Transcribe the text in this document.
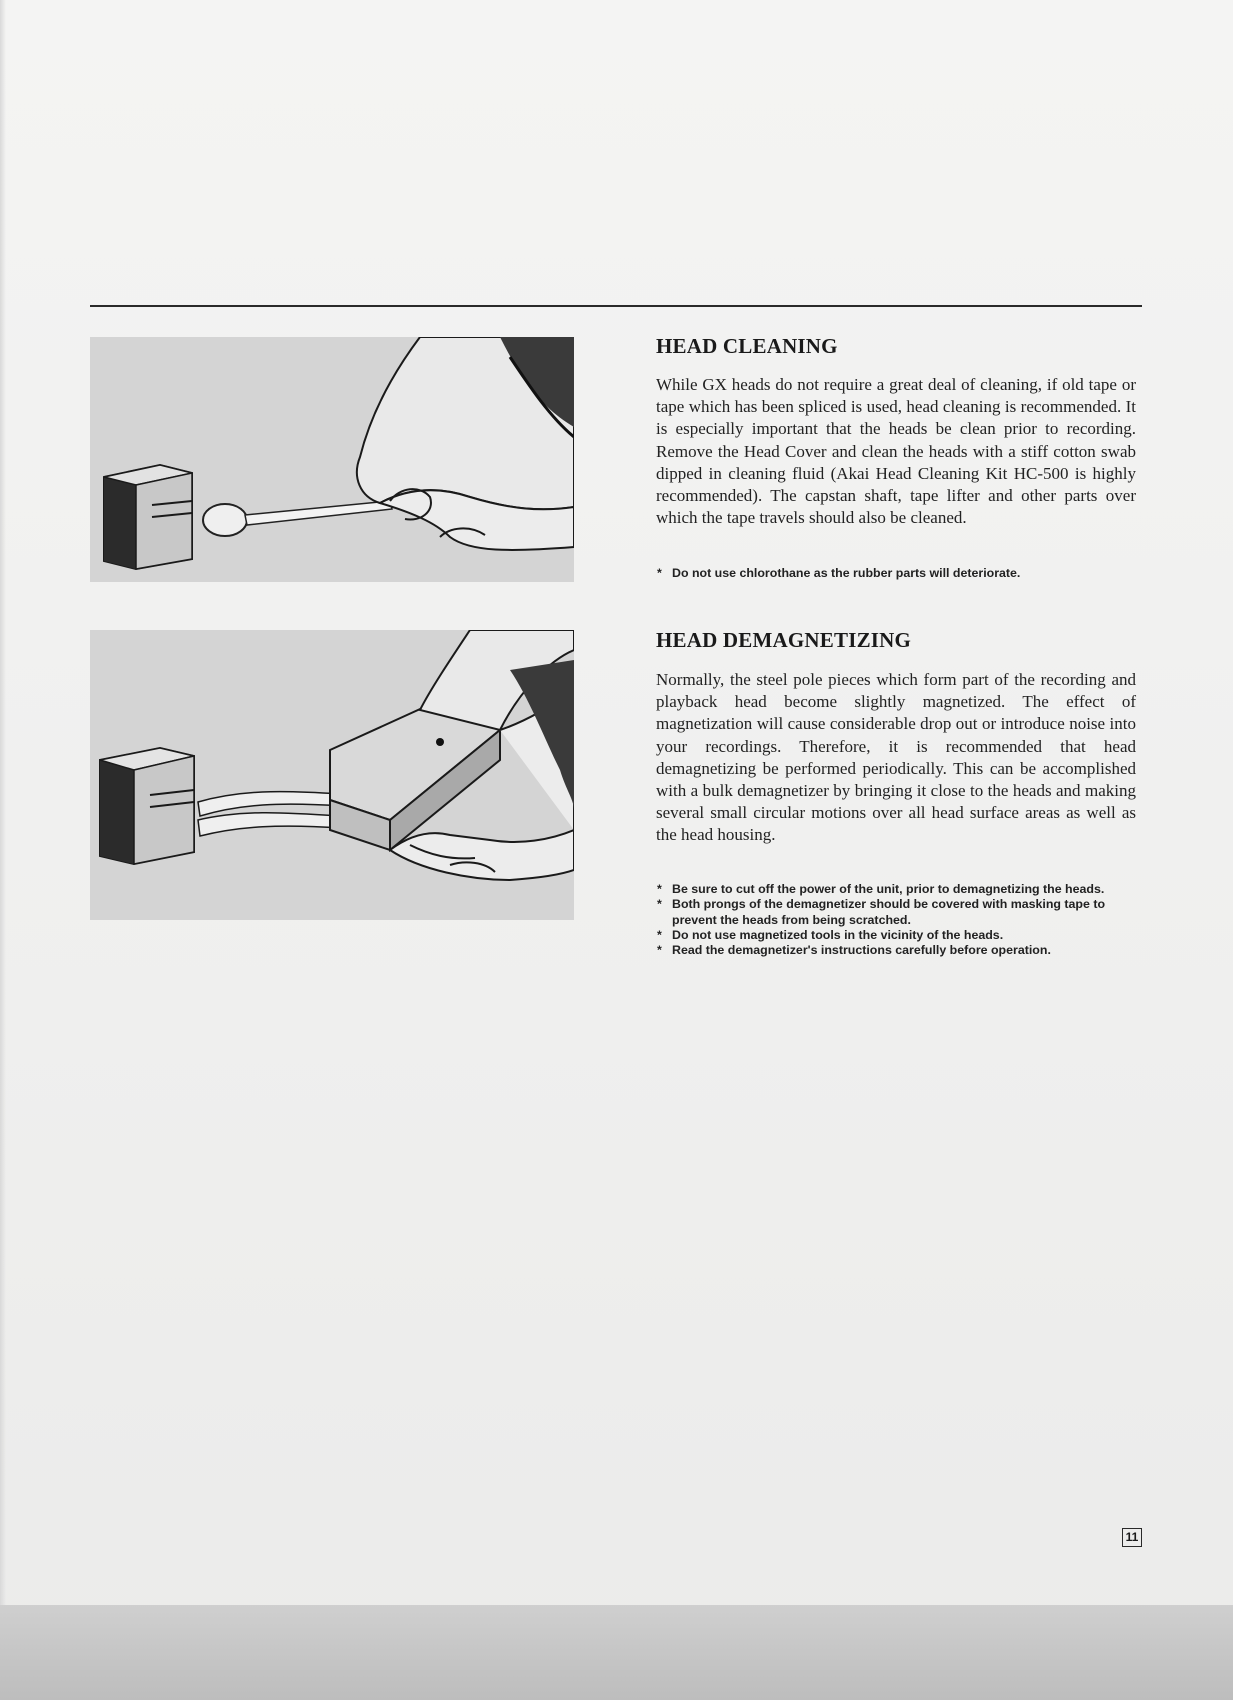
HEAD CLEANING

While GX heads do not require a great deal of cleaning, if old tape or tape which has been spliced is used, head cleaning is recommended. It is especially important that the heads be clean prior to recording. Remove the Head Cover and clean the heads with a stiff cotton swab dipped in cleaning fluid (Akai Head Cleaning Kit HC-500 is highly recommended). The capstan shaft, tape lifter and other parts over which the tape travels should also be cleaned.

* Do not use chlorothane as the rubber parts will deteriorate.
HEAD DEMAGNETIZING

Normally, the steel pole pieces which form part of the recording and playback head become slightly magnetized. The effect of magnetization will cause considerable drop out or introduce noise into your recordings. Therefore, it is recommended that head demagnetizing be performed periodically. This can be accomplished with a bulk demagnetizer by bringing it close to the heads and making several small circular motions over all head surface areas as well as the head housing.

* Be sure to cut off the power of the unit, prior to demagnetizing the heads.
* Both prongs of the demagnetizer should be covered with masking tape to prevent the heads from being scratched.
* Do not use magnetized tools in the vicinity of the heads.
* Read the demagnetizer's instructions carefully before operation.
11
